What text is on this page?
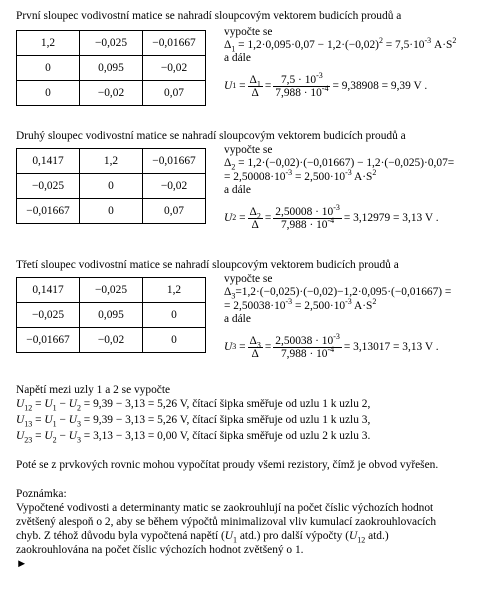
První sloupec vodivostní matice se nahradí sloupcovým vektorem budicích proudů a
1,2	−0,025	−0,01667
0	0,095	−0,02
0	−0,02	0,07
vypočte se
$\Delta_1 = 1,2\cdot 0,095\cdot 0,07 - 1,2\cdot(-0,02)^2 = 7,5\cdot 10^{-3}$ $A\cdot S^2$
a dále
U $1 = \frac{\Delta_1}{\Delta} = \frac{7,5 \cdot 10^{-3}}{7,988 \cdot 10^{-4}} = 9,38908 = 9,39$ V .
Druhý sloupec vodivostní matice se nahradí sloupcovým vektorem budicích proudů a
0,1417	1,2	−0,01667
−0,025	0	−0,02
−0,01667	0	0,07
vypočte se
$\Delta_2 = 1,2\cdot(-0,02)\cdot(-0,01667) - 1,2\cdot(-0,025)\cdot 0,07=$
= $2,50008\cdot 10^{-3} = 2,500\cdot 10^{-3}$ $A\cdot S^2$
a dále
U $2 = \frac{\Delta_2}{\Delta} = \frac{2,50008 \cdot 10^{-3}}{7,988 \cdot 10^{-4}} = 3,12979 = 3,13$ V .
Třetí sloupec vodivostní matice se nahradí sloupcovým vektorem budicích proudů a
0,1417	−0,025	1,2
−0,025	0,095	0
−0,01667	−0,02	0
vypočte se
$\Delta_3=1,2\cdot(-0,025)\cdot(-0,02)-1,2\cdot 0,095\cdot(-0,01667)$ =
= $2,50038\cdot 10^{-3} = 2,500\cdot 10^{-3}$ $A\cdot S^2$
a dále
U $3 = \frac{\Delta_3}{\Delta} = \frac{2,50038 \cdot 10^{-3}}{7,988 \cdot 10^{-4}} = 3,13017 = 3,13$ V .
Napětí mezi uzly 1 a 2 se vypočte
$U_{12} = U_1 - U_2 = 9,39 - 3,13 = 5,26$ V, čítací šipka směřuje od uzlu 1 k uzlu 2,
$U_{13} = U_1 - U_3 = 9,39 - 3,13 = 5,26$ V, čítací šipka směřuje od uzlu 1 k uzlu 3,
$U_{23} = U_2 - U_3 = 3,13 - 3,13 = 0,00$ V, čítací šipka směřuje od uzlu 2 k uzlu 3.
Poté se z prvkových rovnic mohou vypočítat proudy všemi rezistory, čímž je obvod vyřešen.
Poznámka:
Vypočtené vodivosti a determinanty matic se zaokrouhlují na počet číslic výchozích hodnot
zvětšený alespoň o 2, aby se během výpočtů minimalizoval vliv kumulací zaokrouhlovacích
chyb. Z téhož důvodu byla vypočtená napětí ($U_1$ atd.) pro další výpočty ($U_{12}$ atd.)
zaokrouhlována na počet číslic výchozích hodnot zvětšený o 1.
►
